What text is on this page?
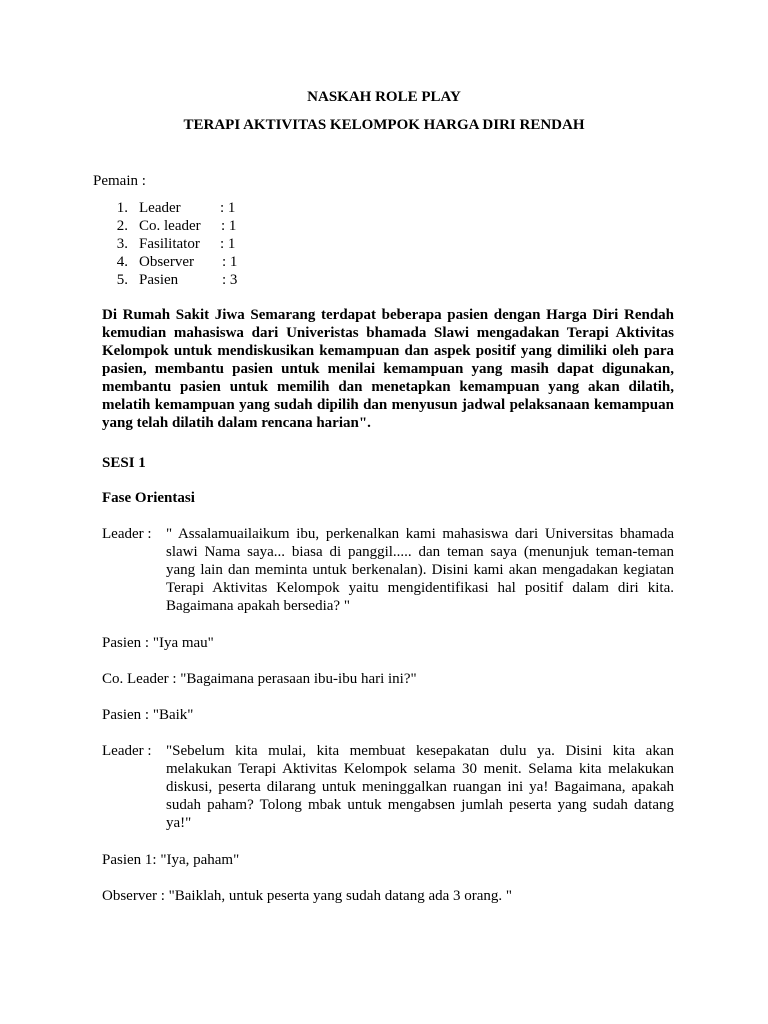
NASKAH ROLE PLAY
TERAPI AKTIVITAS KELOMPOK HARGA DIRI RENDAH
Pemain :
1. Leader	: 1
2. Co. leader : 1
3. Fasilitator : 1
4. Observer : 1
5. Pasien	: 3
Di Rumah Sakit Jiwa Semarang terdapat beberapa pasien dengan Harga Diri Rendah kemudian mahasiswa dari Univeristas bhamada Slawi mengadakan Terapi Aktivitas Kelompok untuk mendiskusikan kemampuan dan aspek positif yang dimiliki oleh para pasien, membantu pasien untuk menilai kemampuan yang masih dapat digunakan, membantu pasien untuk memilih dan menetapkan kemampuan yang akan dilatih, melatih kemampuan yang sudah dipilih dan menyusun jadwal pelaksanaan kemampuan yang telah dilatih dalam rencana harian".
SESI 1
Fase Orientasi
Leader : " Assalamuailaikum ibu, perkenalkan kami mahasiswa dari Universitas bhamada slawi Nama saya... biasa di panggil..... dan teman saya (menunjuk teman-teman yang lain dan meminta untuk berkenalan). Disini kami akan mengadakan kegiatan Terapi Aktivitas Kelompok yaitu mengidentifikasi hal positif dalam diri kita. Bagaimana apakah bersedia? "
Pasien : "Iya mau"
Co. Leader : "Bagaimana perasaan ibu-ibu hari ini?"
Pasien : "Baik"
Leader : "Sebelum kita mulai, kita membuat kesepakatan dulu ya. Disini kita akan melakukan Terapi Aktivitas Kelompok selama 30 menit. Selama kita melakukan diskusi, peserta dilarang untuk meninggalkan ruangan ini ya! Bagaimana, apakah sudah paham? Tolong mbak untuk mengabsen jumlah peserta yang sudah datang ya!"
Pasien 1: "Iya, paham"
Observer : "Baiklah, untuk peserta yang sudah datang ada 3 orang. "
